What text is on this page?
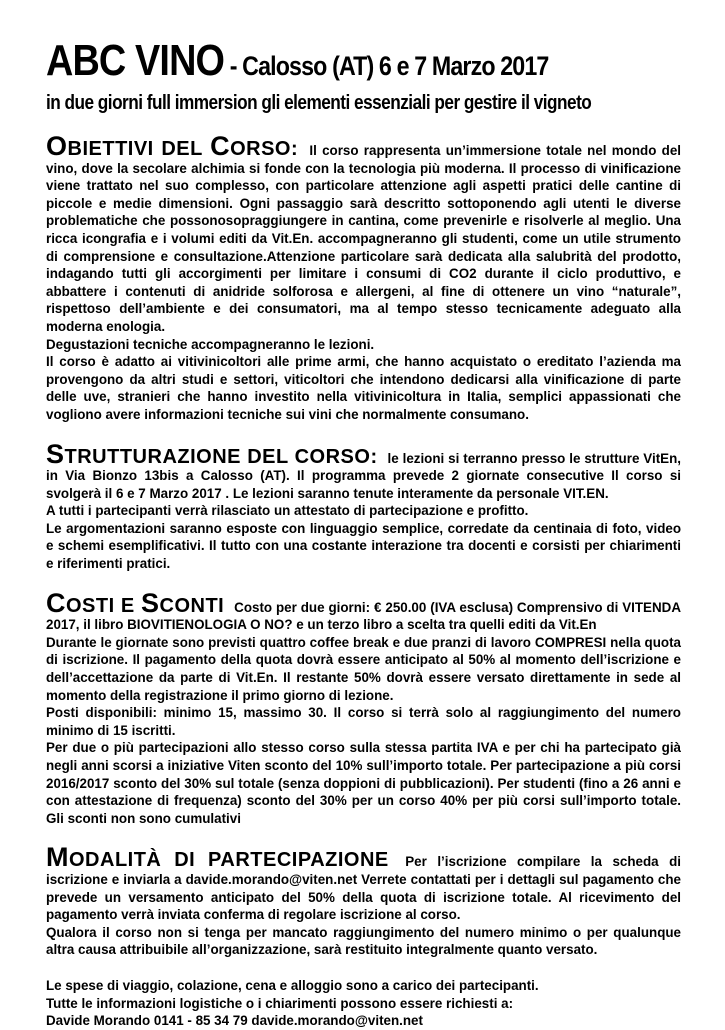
ABC VINO - Calosso (AT) 6 e 7 Marzo 2017
in due giorni full immersion gli elementi essenziali per gestire il vigneto

OBIETTIVI DEL CORSO: Il corso rappresenta un’immersione totale nel mondo del vino, dove la secolare alchimia si fonde con la tecnologia più moderna. Il processo di vinificazione viene trattato nel suo complesso, con particolare attenzione agli aspetti pratici delle cantine di piccole e medie dimensioni. Ogni passaggio sarà descritto sottoponendo agli utenti le diverse problematiche che possonosopraggiungere in cantina, come prevenirle e risolverle al meglio. Una ricca icongrafia e i volumi editi da Vit.En. accompagneranno gli studenti, come un utile strumento di comprensione e consultazione.Attenzione particolare sarà dedicata alla salubrità del prodotto, indagando tutti gli accorgimenti per limitare i consumi di CO2 durante il ciclo produttivo, e abbattere i contenuti di anidride solforosa e allergeni, al fine di ottenere un vino “naturale”, rispettoso dell’ambiente e dei consumatori, ma al tempo stesso tecnicamente adeguato alla moderna enologia.
Degustazioni tecniche accompagneranno le lezioni.
Il corso è adatto ai vitivinicoltori alle prime armi, che hanno acquistato o ereditato l’azienda ma provengono da altri studi e settori, viticoltori che intendono dedicarsi alla vinificazione di parte delle uve, stranieri che hanno investito nella vitivinicoltura in Italia, semplici appassionati che vogliono avere informazioni tecniche sui vini che normalmente consumano.

STRUTTURAZIONE DEL CORSO: le lezioni si terranno presso le strutture VitEn, in Via Bionzo 13bis a Calosso (AT). Il programma prevede 2 giornate consecutive Il corso si svolgerà il 6 e 7 Marzo 2017 . Le lezioni saranno tenute interamente da personale VIT.EN.
A tutti i partecipanti verrà rilasciato un attestato di partecipazione e profitto.
Le argomentazioni saranno esposte con linguaggio semplice, corredate da centinaia di foto, video e schemi esemplificativi. Il tutto con una costante interazione tra docenti e corsisti per chiarimenti e riferimenti pratici.

COSTI E SCONTI Costo per due giorni: € 250.00 (IVA esclusa) Comprensivo di VITENDA 2017, il libro BIOVITIENOLOGIA O NO? e un terzo libro a scelta tra quelli editi da Vit.En
Durante le giornate sono previsti quattro coffee break e due pranzi di lavoro COMPRESI nella quota di iscrizione. Il pagamento della quota dovrà essere anticipato al 50% al momento dell’iscrizione e dell’accettazione da parte di Vit.En. Il restante 50% dovrà essere versato direttamente in sede al momento della registrazione il primo giorno di lezione.
Posti disponibili: minimo 15, massimo 30. Il corso si terrà solo al raggiungimento del numero minimo di 15 iscritti.
Per due o più partecipazioni allo stesso corso sulla stessa partita IVA e per chi ha partecipato già negli anni scorsi a iniziative Viten sconto del 10% sull’importo totale. Per partecipazione a più corsi 2016/2017 sconto del 30% sul totale (senza doppioni di pubblicazioni). Per studenti (fino a 26 anni e con attestazione di frequenza) sconto del 30% per un corso 40% per più corsi sull’importo totale. Gli sconti non sono cumulativi

MODALITÀ DI PARTECIPAZIONE Per l’iscrizione compilare la scheda di iscrizione e inviarla a davide.morando@viten.net Verrete contattati per i dettagli sul pagamento che prevede un versamento anticipato del 50% della quota di iscrizione totale. Al ricevimento del pagamento verrà inviata conferma di regolare iscrizione al corso.
Qualora il corso non si tenga per mancato raggiungimento del numero minimo o per qualunque altra causa attribuibile all’organizzazione, sarà restituito integralmente quanto versato.

Le spese di viaggio, colazione, cena e alloggio sono a carico dei partecipanti.
Tutte le informazioni logistiche o i chiarimenti possono essere richiesti a:
Davide Morando 0141 - 85 34 79 davide.morando@viten.net
